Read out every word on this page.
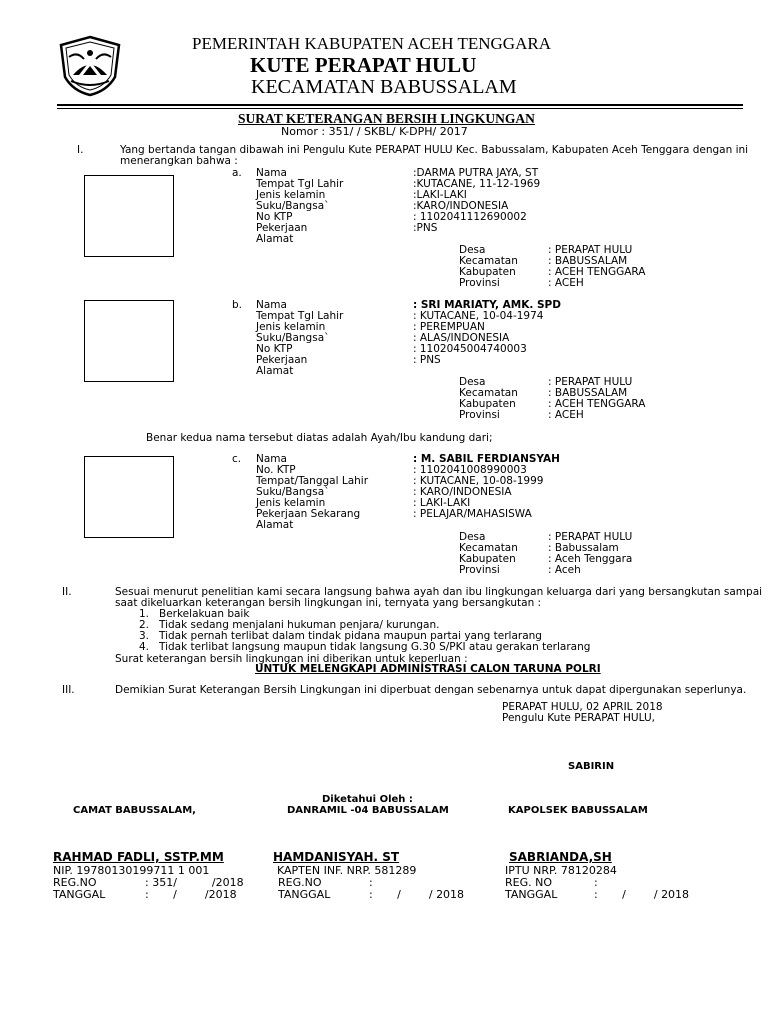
PEMERINTAH KABUPATEN ACEH TENGGARA
KUTE PERAPAT HULU
KECAMATAN BABUSSALAM
SURAT KETERANGAN BERSIH LINGKUNGAN
Nomor : 351/ / SKBL/ K-DPH/ 2017
I.	Yang bertanda tangan dibawah ini Pengulu Kute PERAPAT HULU Kec. Babussalam, Kabupaten Aceh Tenggara dengan ini
menerangkan bahwa :
a. Nama	:DARMA PUTRA JAYA, ST
Tempat Tgl Lahir	:KUTACANE, 11-12-1969
Jenis kelamin	:LAKI-LAKI
Suku/Bangsa`	:KARO/INDONESIA
No KTP	: 1102041112690002
Pekerjaan	:PNS
Alamat
Desa	: PERAPAT HULU
Kecamatan	: BABUSSALAM
Kabupaten	: ACEH TENGGARA
Provinsi	: ACEH
b. Nama	: SRI MARIATY, AMK. SPD
Tempat Tgl Lahir	: KUTACANE, 10-04-1974
Jenis kelamin	: PEREMPUAN
Suku/Bangsa`	: ALAS/INDONESIA
No KTP	: 1102045004740003
Pekerjaan	: PNS
Alamat
Desa	: PERAPAT HULU
Kecamatan	: BABUSSALAM
Kabupaten	: ACEH TENGGARA
Provinsi	: ACEH
Benar kedua nama tersebut diatas adalah Ayah/Ibu kandung dari;
c. Nama	: M. SABIL FERDIANSYAH
No. KTP	: 1102041008990003
Tempat/Tanggal Lahir	: KUTACANE, 10-08-1999
Suku/Bangsa`	: KARO/INDONESIA
Jenis kelamin	: LAKI-LAKI
Pekerjaan Sekarang	: PELAJAR/MAHASISWA
Alamat
Desa	: PERAPAT HULU
Kecamatan	: Babussalam
Kabupaten	: Aceh Tenggara
Provinsi	: Aceh
II.	Sesuai menurut penelitian kami secara langsung bahwa ayah dan ibu lingkungan keluarga dari yang bersangkutan sampai
saat dikeluarkan keterangan bersih lingkungan ini, ternyata yang bersangkutan :
1. Berkelakuan baik
2. Tidak sedang menjalani hukuman penjara/ kurungan.
3. Tidak pernah terlibat dalam tindak pidana maupun partai yang terlarang
4. Tidak terlibat langsung maupun tidak langsung G.30 S/PKI atau gerakan terlarang
Surat keterangan bersih lingkungan ini diberikan untuk keperluan :
UNTUK MELENGKAPI ADMINISTRASI CALON TARUNA POLRI
III.	Demikian Surat Keterangan Bersih Lingkungan ini diperbuat dengan sebenarnya untuk dapat dipergunakan seperlunya.
PERAPAT HULU, 02 APRIL 2018
Pengulu Kute PERAPAT HULU,
SABIRIN
Diketahui Oleh :
CAMAT BABUSSALAM,	DANRAMIL -04 BABUSSALAM	KAPOLSEK BABUSSALAM
RAHMAD FADLI, SSTP.MM	HAMDANISYAH. ST	SABRIANDA,SH
NIP. 19780130199711 1 001	KAPTEN INF. NRP. 581289	IPTU NRP. 78120284
REG.NO	: 351/          /2018	REG.NO	:	REG. NO	:
TANGGAL	:       /        /2018	TANGGAL	:       /        / 2018	TANGGAL	:       /        / 2018
